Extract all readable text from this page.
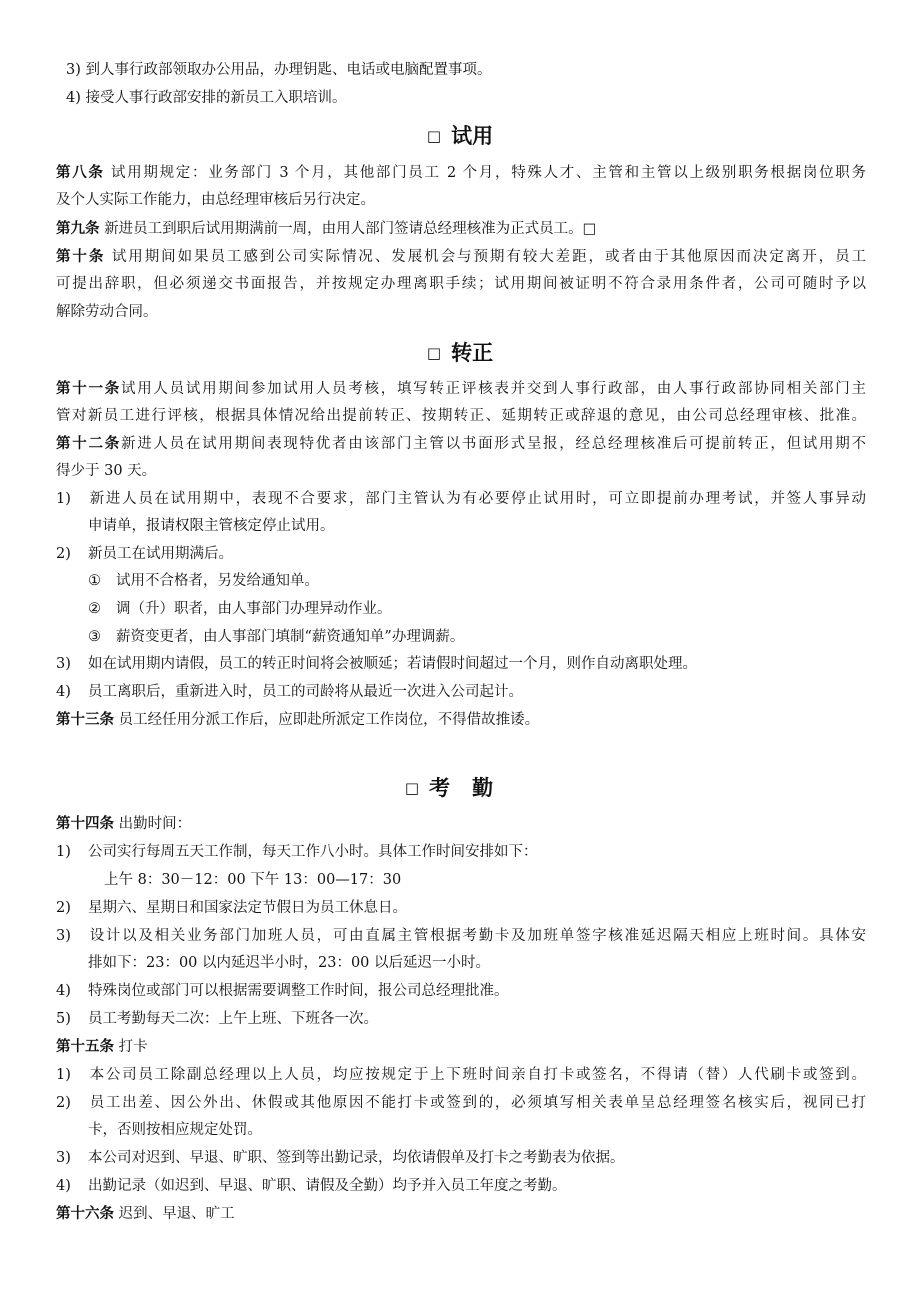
3) 到人事行政部领取办公用品，办理钥匙、电话或电脑配置事项。

4) 接受人事行政部安排的新员工入职培训。

□ 试用

第八条 试用期规定：业务部门 3 个月，其他部门员工 2 个月，特殊人才、主管和主管以上级别职务根据岗位职务

及个人实际工作能力，由总经理审核后另行决定。

第九条 新进员工到职后试用期满前一周，由用人部门签请总经理核准为正式员工。□

第十条 试用期间如果员工感到公司实际情况、发展机会与预期有较大差距，或者由于其他原因而决定离开，员工

可提出辞职，但必须递交书面报告，并按规定办理离职手续；试用期间被证明不符合录用条件者，公司可随时予以

解除劳动合同。

□ 转正

第十一条试用人员试用期间参加试用人员考核，填写转正评核表并交到人事行政部，由人事行政部协同相关部门主

管对新员工进行评核，根据具体情况给出提前转正、按期转正、延期转正或辞退的意见，由公司总经理审核、批准。

第十二条新进人员在试用期间表现特优者由该部门主管以书面形式呈报，经总经理核准后可提前转正，但试用期不

得少于 30 天。

1) 新进人员在试用期中，表现不合要求，部门主管认为有必要停止试用时，可立即提前办理考试，并签人事异动

申请单，报请权限主管核定停止试用。

2) 新员工在试用期满后。

① 试用不合格者，另发给通知单。

② 调（升）职者，由人事部门办理异动作业。

③ 薪资变更者，由人事部门填制“薪资通知单”办理调薪。

3) 如在试用期内请假，员工的转正时间将会被顺延；若请假时间超过一个月，则作自动离职处理。

4) 员工离职后，重新进入时，员工的司龄将从最近一次进入公司起计。

第十三条 员工经任用分派工作后，应即赴所派定工作岗位，不得借故推诿。

□ 考勤

第十四条 出勤时间：

1) 公司实行每周五天工作制，每天工作八小时。具体工作时间安排如下：

上午 8：30－12：00 下午 13：00—17：30

2) 星期六、星期日和国家法定节假日为员工休息日。

3) 设计以及相关业务部门加班人员，可由直属主管根据考勤卡及加班单签字核准延迟隔天相应上班时间。具体安

排如下：23：00 以内延迟半小时，23：00 以后延迟一小时。

4) 特殊岗位或部门可以根据需要调整工作时间，报公司总经理批准。

5) 员工考勤每天二次：上午上班、下班各一次。

第十五条 打卡

1) 本公司员工除副总经理以上人员，均应按规定于上下班时间亲自打卡或签名，不得请（替）人代刷卡或签到。

2) 员工出差、因公外出、休假或其他原因不能打卡或签到的，必须填写相关表单呈总经理签名核实后，视同已打

卡，否则按相应规定处罚。

3) 本公司对迟到、早退、旷职、签到等出勤记录，均依请假单及打卡之考勤表为依据。

4) 出勤记录（如迟到、早退、旷职、请假及全勤）均予并入员工年度之考勤。

第十六条 迟到、早退、旷工
